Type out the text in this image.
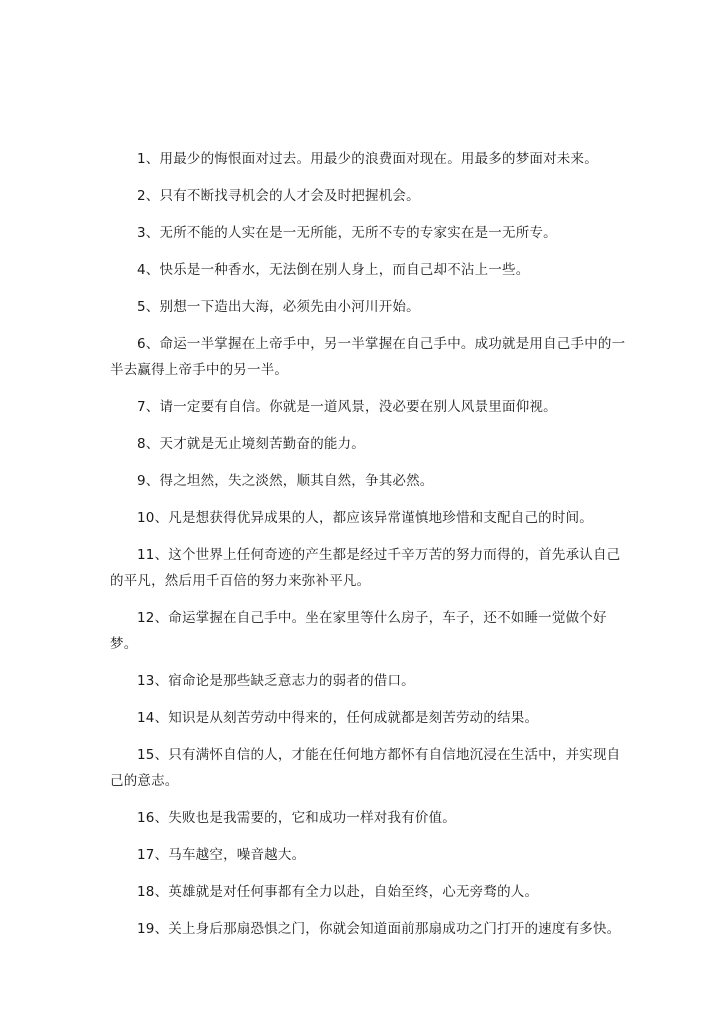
1、用最少的悔恨面对过去。用最少的浪费面对现在。用最多的梦面对未来。

2、只有不断找寻机会的人才会及时把握机会。

3、无所不能的人实在是一无所能，无所不专的专家实在是一无所专。

4、快乐是一种香水，无法倒在别人身上，而自己却不沾上一些。

5、别想一下造出大海，必须先由小河川开始。

6、命运一半掌握在上帝手中，另一半掌握在自己手中。成功就是用自己手中的一半去赢得上帝手中的另一半。

7、请一定要有自信。你就是一道风景，没必要在别人风景里面仰视。

8、天才就是无止境刻苦勤奋的能力。

9、得之坦然，失之淡然，顺其自然，争其必然。

10、凡是想获得优异成果的人，都应该异常谨慎地珍惜和支配自己的时间。

11、这个世界上任何奇迹的产生都是经过千辛万苦的努力而得的，首先承认自己的平凡，然后用千百倍的努力来弥补平凡。

12、命运掌握在自己手中。坐在家里等什么房子，车子，还不如睡一觉做个好梦。

13、宿命论是那些缺乏意志力的弱者的借口。

14、知识是从刻苦劳动中得来的，任何成就都是刻苦劳动的结果。

15、只有满怀自信的人，才能在任何地方都怀有自信地沉浸在生活中，并实现自己的意志。

16、失败也是我需要的，它和成功一样对我有价值。

17、马车越空，噪音越大。

18、英雄就是对任何事都有全力以赴，自始至终，心无旁骛的人。

19、关上身后那扇恐惧之门，你就会知道面前那扇成功之门打开的速度有多快。
